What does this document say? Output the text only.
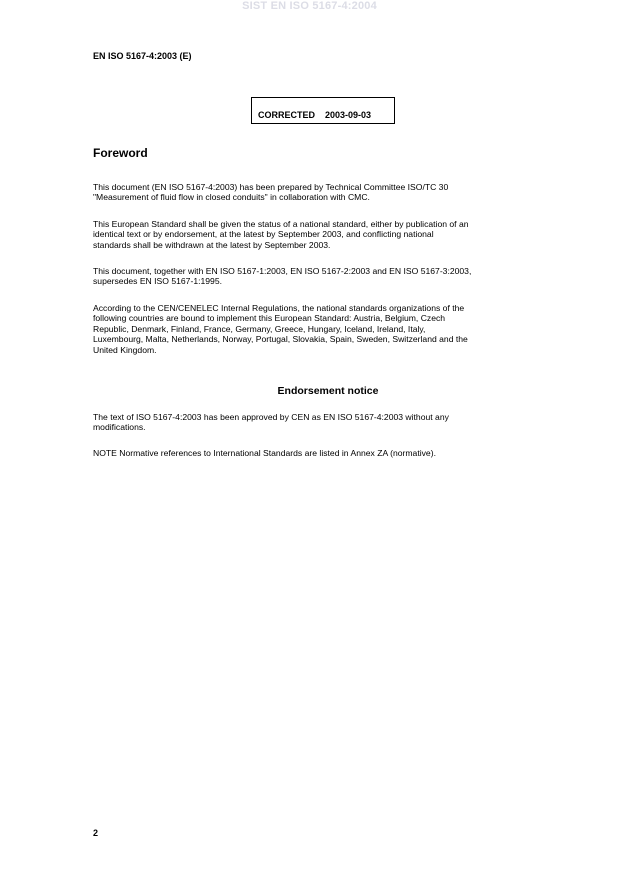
SIST EN ISO 5167-4:2004
EN ISO 5167-4:2003 (E)
CORRECTED 2003-09-03
Foreword
This document (EN ISO 5167-4:2003) has been prepared by Technical Committee ISO/TC 30
"Measurement of fluid flow in closed conduits" in collaboration with CMC.
This European Standard shall be given the status of a national standard, either by publication of an
identical text or by endorsement, at the latest by September 2003, and conflicting national
standards shall be withdrawn at the latest by September 2003.
This document, together with EN ISO 5167-1:2003, EN ISO 5167-2:2003 and EN ISO 5167-3:2003,
supersedes EN ISO 5167-1:1995.
According to the CEN/CENELEC Internal Regulations, the national standards organizations of the
following countries are bound to implement this European Standard: Austria, Belgium, Czech
Republic, Denmark, Finland, France, Germany, Greece, Hungary, Iceland, Ireland, Italy,
Luxembourg, Malta, Netherlands, Norway, Portugal, Slovakia, Spain, Sweden, Switzerland and the
United Kingdom.
Endorsement notice
The text of ISO 5167-4:2003 has been approved by CEN as EN ISO 5167-4:2003 without any
modifications.
NOTE Normative references to International Standards are listed in Annex ZA (normative).
2
